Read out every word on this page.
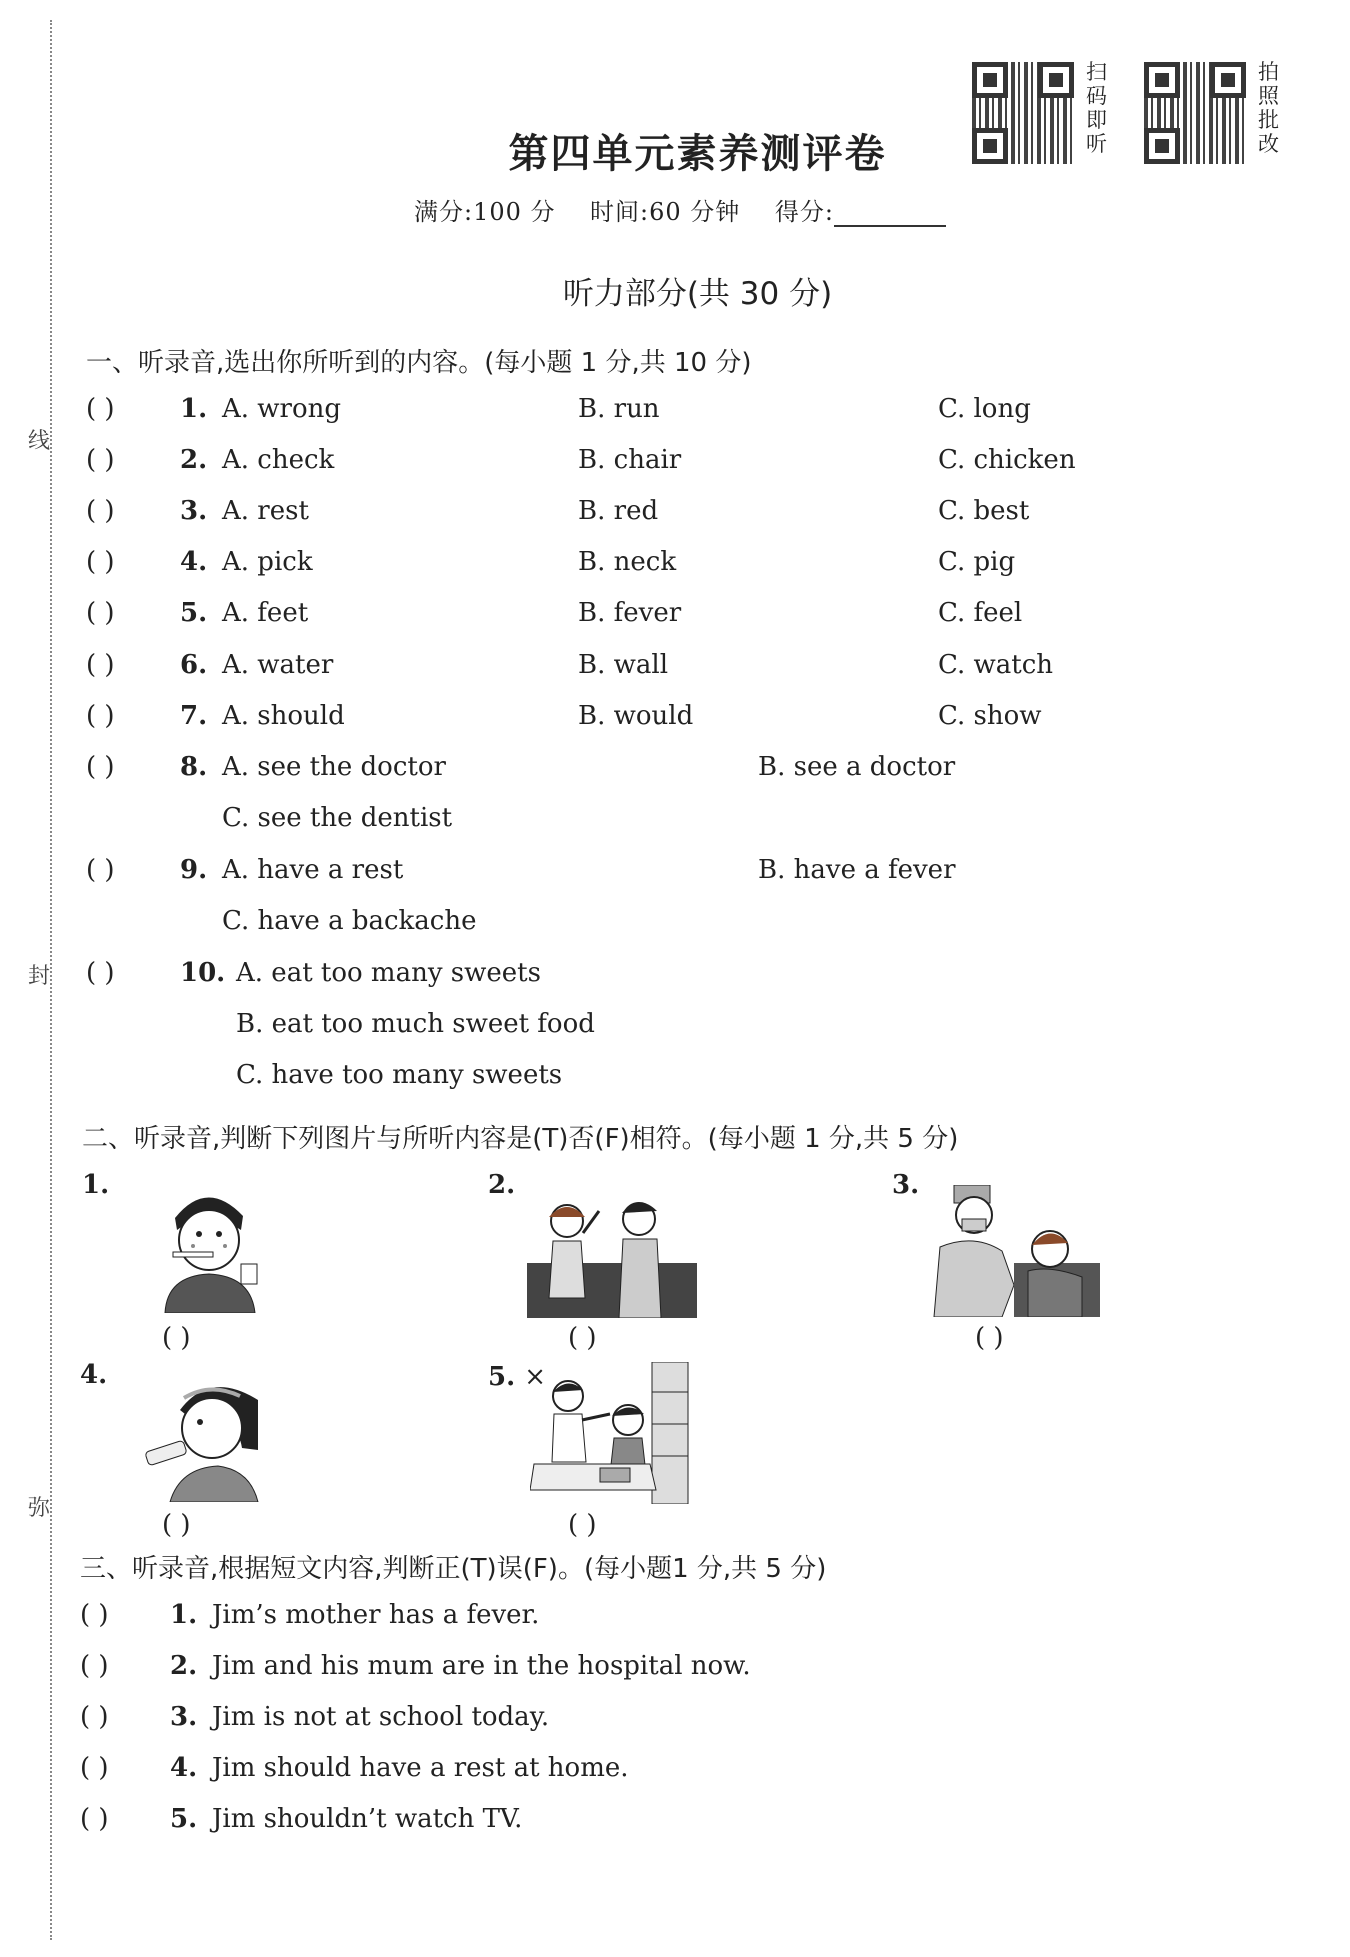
线
封
弥
扫
码
即
听
拍
照
批
改
第四单元素养测评卷
满分:100 分 时间:60 分钟 得分:
听力部分(共 30 分)
一、听录音,选出你所听到的内容。(每小题 1 分,共 10 分)
( )	1. A. wrong	B. run	C. long
( )	2. A. check	B. chair	C. chicken
( )	3. A. rest	B. red	C. best
( )	4. A. pick	B. neck	C. pig
( )	5. A. feet	B. fever	C. feel
( )	6. A. water	B. wall	C. watch
( )	7. A. should	B. would	C. show
( )	8. A. see the doctor	B. see a doctor
C. see the dentist
( )	9. A. have a rest	B. have a fever
C. have a backache
( )	10. A. eat too many sweets
B. eat too much sweet food
C. have too many sweets
二、听录音,判断下列图片与所听内容是(T)否(F)相符。(每小题 1 分,共 5 分)
1.
( )
2.
( )
3.
( )
4.
( )
5. ×
( )
三、听录音,根据短文内容,判断正(T)误(F)。(每小题1 分,共 5 分)
( ) 1. Jim’s mother has a fever.
( ) 2. Jim and his mum are in the hospital now.
( ) 3. Jim is not at school today.
( ) 4. Jim should have a rest at home.
( ) 5. Jim shouldn’t watch TV.
